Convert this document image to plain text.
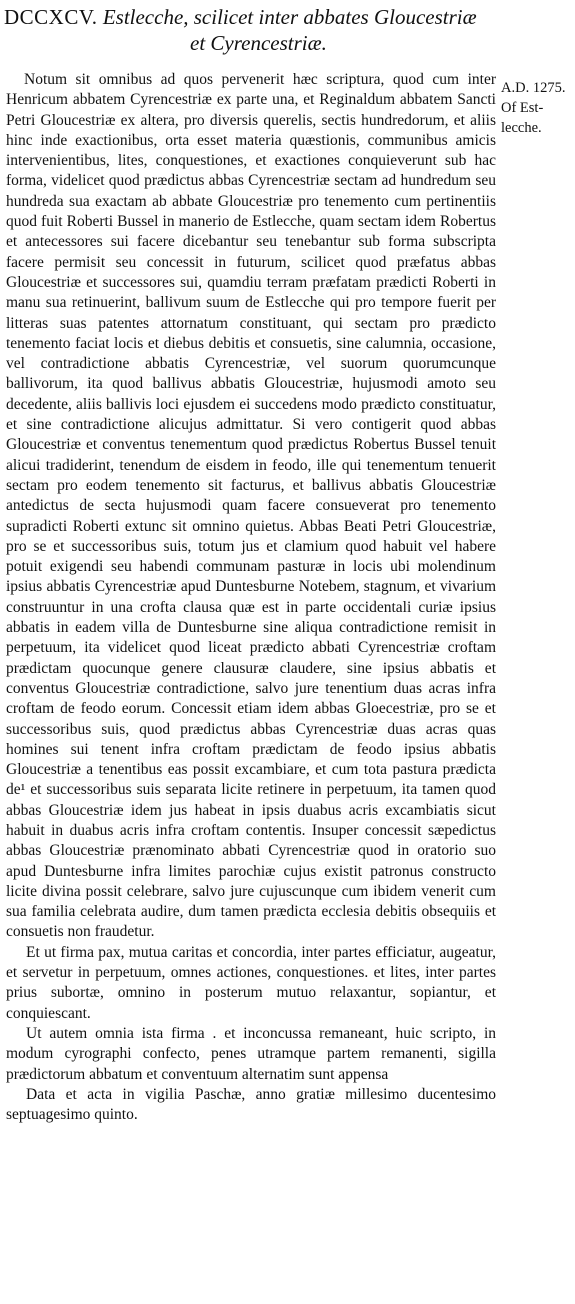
DCCXCV. Estlecche, scilicet inter abbates Gloucestriæ
et Cyrencestriæ.
A.D. 1275.
Of Est-lecche.

Notum sit omnibus ad quos pervenerit hæc scriptura, quod cum inter Henricum abbatem Cyrencestriæ ex parte una, et Reginaldum abbatem Sancti Petri Gloucestriæ ex altera, pro diversis querelis, sectis hundredorum, et aliis hinc inde exactionibus, orta esset materia quæstionis, communibus amicis intervenientibus, lites, conquestiones, et exactiones conquieverunt sub hac forma, videlicet quod prædictus abbas Cyrencestriæ sectam ad hundredum seu hundreda sua exactam ab abbate Gloucestriæ pro tenemento cum pertinentiis quod fuit Roberti Bussel in manerio de Estlecche, quam sectam idem Robertus et antecessores sui facere dicebantur seu tenebantur sub forma subscripta facere permisit seu concessit in futurum, scilicet quod præfatus abbas Gloucestriæ et successores sui, quamdiu terram præfatam prædicti Roberti in manu sua retinuerint, ballivum suum de Estlecche qui pro tempore fuerit per litteras suas patentes attornatum constituant, qui sectam pro prædicto tenemento faciat locis et diebus debitis et consuetis, sine calumnia, occasione, vel contradictione abbatis Cyrencestriæ, vel suorum quorumcunque ballivorum, ita quod ballivus abbatis Gloucestriæ, hujusmodi amoto seu decedente, aliis ballivis loci ejusdem ei succedens modo prædicto constituatur, et sine contradictione alicujus admittatur. Si vero contigerit quod abbas Gloucestriæ et conventus tenementum quod prædictus Robertus Bussel tenuit alicui tradiderint, tenendum de eisdem in feodo, ille qui tenementum tenuerit sectam pro eodem tenemento sit facturus, et ballivus abbatis Gloucestriæ antedictus de secta hujusmodi quam facere consueverat pro tenemento supradicti Roberti extunc sit omnino quietus. Abbas Beati Petri Gloucestriæ, pro se et successoribus suis, totum jus et clamium quod habuit vel habere potuit exigendi seu habendi communam pasturæ in locis ubi molendinum ipsius abbatis Cyrencestriæ apud Duntesburne Notebem, stagnum, et vivarium construuntur in una crofta clausa quæ est in parte occidentali curiæ ipsius abbatis in eadem villa de Duntesburne sine aliqua contradictione remisit in perpetuum, ita videlicet quod liceat prædicto abbati Cyrencestriæ croftam prædictam quocunque genere clausuræ claudere, sine ipsius abbatis et conventus Gloucestriæ contradictione, salvo jure tenentium duas acras infra croftam de feodo eorum. Concessit etiam idem abbas Gloecestriæ, pro se et successoribus suis, quod prædictus abbas Cyrencestriæ duas acras quas homines sui tenent infra croftam prædictam de feodo ipsius abbatis Gloucestriæ a tenentibus eas possit excambiare, et cum tota pastura prædicta de¹ et successoribus suis separata licite retinere in perpetuum, ita tamen quod abbas Gloucestriæ idem jus habeat in ipsis duabus acris excambiatis sicut habuit in duabus acris infra croftam contentis. Insuper concessit sæpedictus abbas Gloucestriæ prænominato abbati Cyrencestriæ quod in oratorio suo apud Duntesburne infra limites parochiæ cujus existit patronus constructo licite divina possit celebrare, salvo jure cujuscunque cum ibidem venerit cum sua familia celebrata audire, dum tamen prædicta ecclesia debitis obsequiis et consuetis non fraudetur.

Et ut firma pax, mutua caritas et concordia, inter partes efficiatur, augeatur, et servetur in perpetuum, omnes actiones, conquestiones. et lites, inter partes prius subortæ, omnino in posterum mutuo relaxantur, sopiantur, et conquiescant.

Ut autem omnia ista firma . et inconcussa remaneant, huic scripto, in modum cyrographi confecto, penes utramque partem remanenti, sigilla prædictorum abbatum et conventuum alternatim sunt appensa

Data et acta in vigilia Paschæ, anno gratiæ millesimo ducentesimo septuagesimo quinto.
